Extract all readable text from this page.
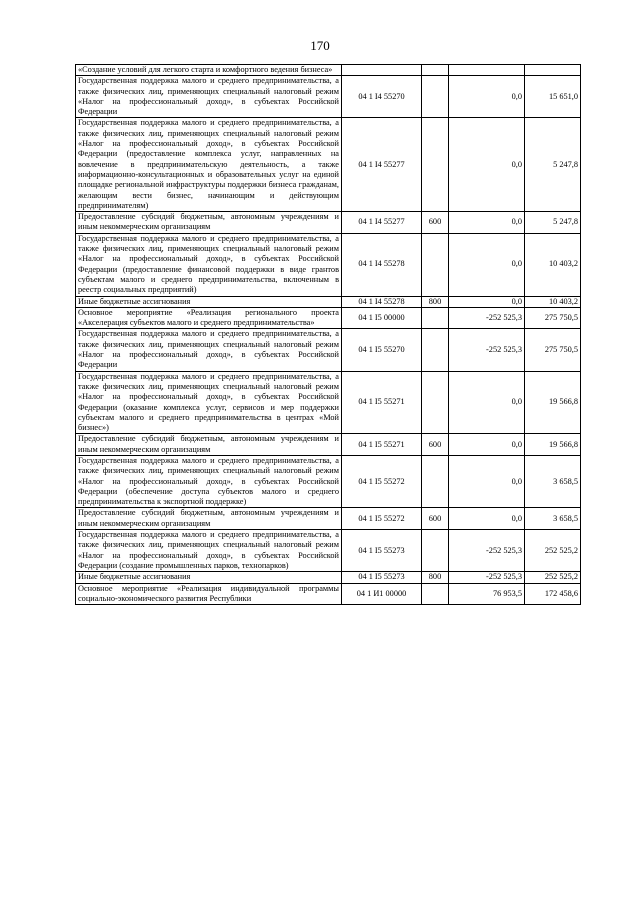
170
«Создание условий для легкого старта и комфортного ведения бизнеса»				
Государственная поддержка малого и среднего предпринимательства, а также физических лиц, применяющих специальный налоговый режим «Налог на профессиональный доход», в субъектах Российской Федерации	04 1 I4 55270		0,0	15 651,0
Государственная поддержка малого и среднего предпринимательства, а также физических лиц, применяющих специальный налоговый режим «Налог на профессиональный доход», в субъектах Российской Федерации (предоставление комплекса услуг, направленных на вовлечение в предпринимательскую деятельность, а также информационно-консультационных и образовательных услуг на единой площадке региональной инфраструктуры поддержки бизнеса гражданам, желающим вести бизнес, начинающим и действующим предпринимателям)	04 1 I4 55277		0,0	5 247,8
Предоставление субсидий бюджетным, автономным учреждениям и иным некоммерческим организациям	04 1 I4 55277	600	0,0	5 247,8
Государственная поддержка малого и среднего предпринимательства, а также физических лиц, применяющих специальный налоговый режим «Налог на профессиональный доход», в субъектах Российской Федерации (предоставление финансовой поддержки в виде грантов субъектам малого и среднего предпринимательства, включенным в реестр социальных предприятий)	04 1 I4 55278		0,0	10 403,2
Иные бюджетные ассигнования	04 1 I4 55278	800	0,0	10 403,2
Основное мероприятие «Реализация регионального проекта «Акселерация субъектов малого и среднего предпринимательства»	04 1 I5 00000		-252 525,3	275 750,5
Государственная поддержка малого и среднего предпринимательства, а также физических лиц, применяющих специальный налоговый режим «Налог на профессиональный доход», в субъектах Российской Федерации	04 1 I5 55270		-252 525,3	275 750,5
Государственная поддержка малого и среднего предпринимательства, а также физических лиц, применяющих специальный налоговый режим «Налог на профессиональный доход», в субъектах Российской Федерации (оказание комплекса услуг, сервисов и мер поддержки субъектам малого и среднего предпринимательства в центрах «Мой бизнес»)	04 1 I5 55271		0,0	19 566,8
Предоставление субсидий бюджетным, автономным учреждениям и иным некоммерческим организациям	04 1 I5 55271	600	0,0	19 566,8
Государственная поддержка малого и среднего предпринимательства, а также физических лиц, применяющих специальный налоговый режим «Налог на профессиональный доход», в субъектах Российской Федерации (обеспечение доступа субъектов малого и среднего предпринимательства к экспортной поддержке)	04 1 I5 55272		0,0	3 658,5
Предоставление субсидий бюджетным, автономным учреждениям и иным некоммерческим организациям	04 1 I5 55272	600	0,0	3 658,5
Государственная поддержка малого и среднего предпринимательства, а также физических лиц, применяющих специальный налоговый режим «Налог на профессиональный доход», в субъектах Российской Федерации (создание промышленных парков, технопарков)	04 1 I5 55273		-252 525,3	252 525,2
Иные бюджетные ассигнования	04 1 I5 55273	800	-252 525,3	252 525,2
Основное мероприятие «Реализация индивидуальной программы социально-экономического развития Республики	04 1 И1 00000		76 953,5	172 458,6
